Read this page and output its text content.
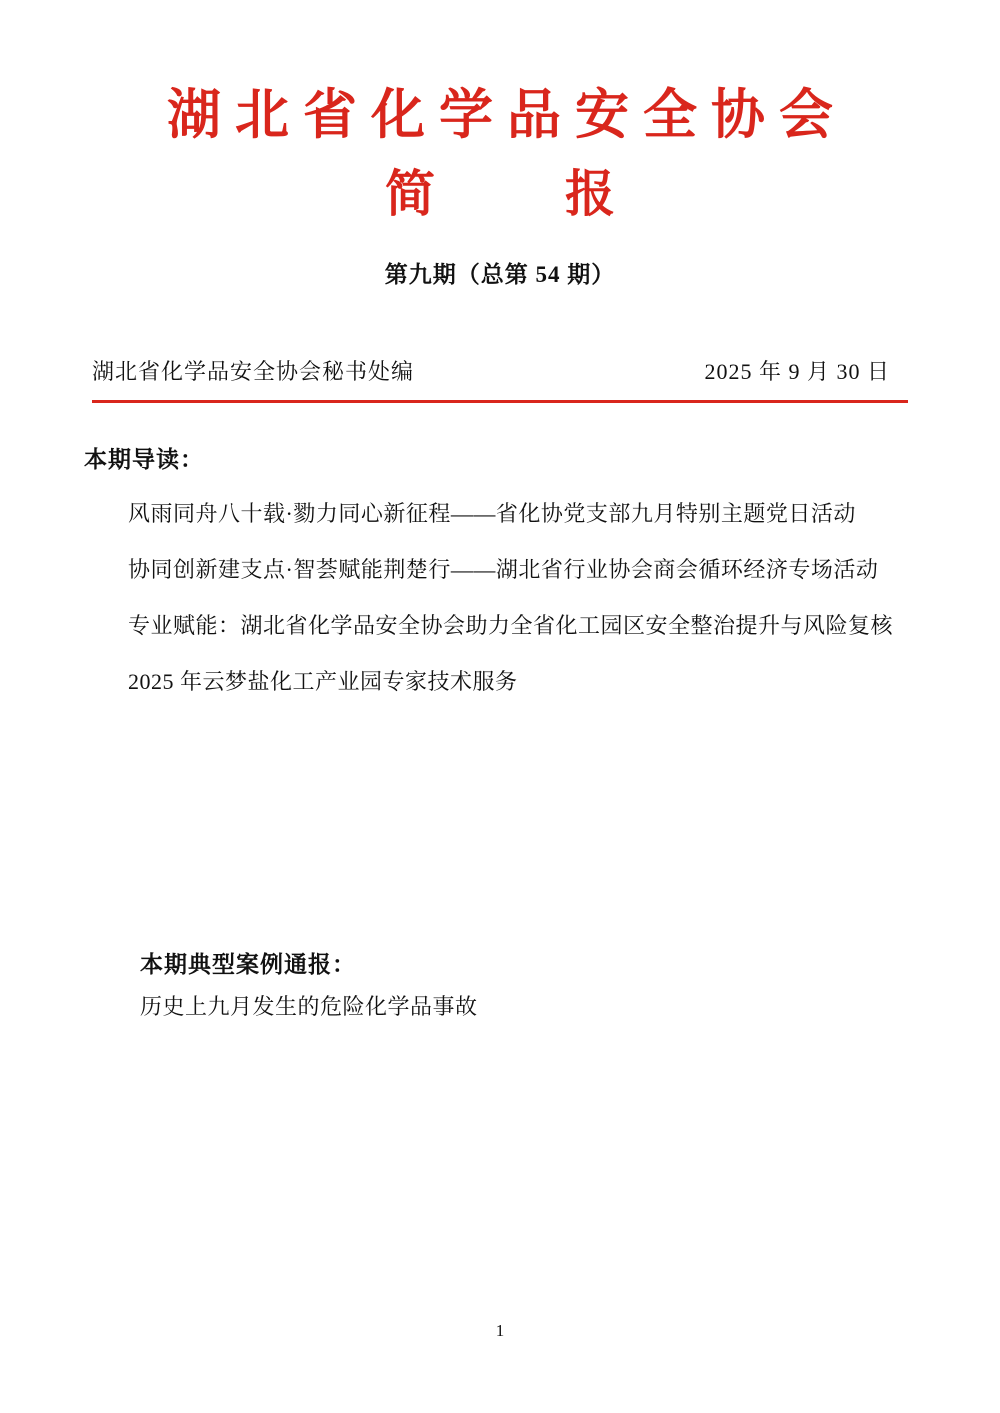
湖北省化学品安全协会
简　报
第九期（总第 54 期）
湖北省化学品安全协会秘书处编	2025 年 9 月 30 日
本期导读：
风雨同舟八十载·勠力同心新征程——省化协党支部九月特别主题党日活动
协同创新建支点·智荟赋能荆楚行——湖北省行业协会商会循环经济专场活动
专业赋能：湖北省化学品安全协会助力全省化工园区安全整治提升与风险复核
2025 年云梦盐化工产业园专家技术服务
本期典型案例通报：
历史上九月发生的危险化学品事故
1
